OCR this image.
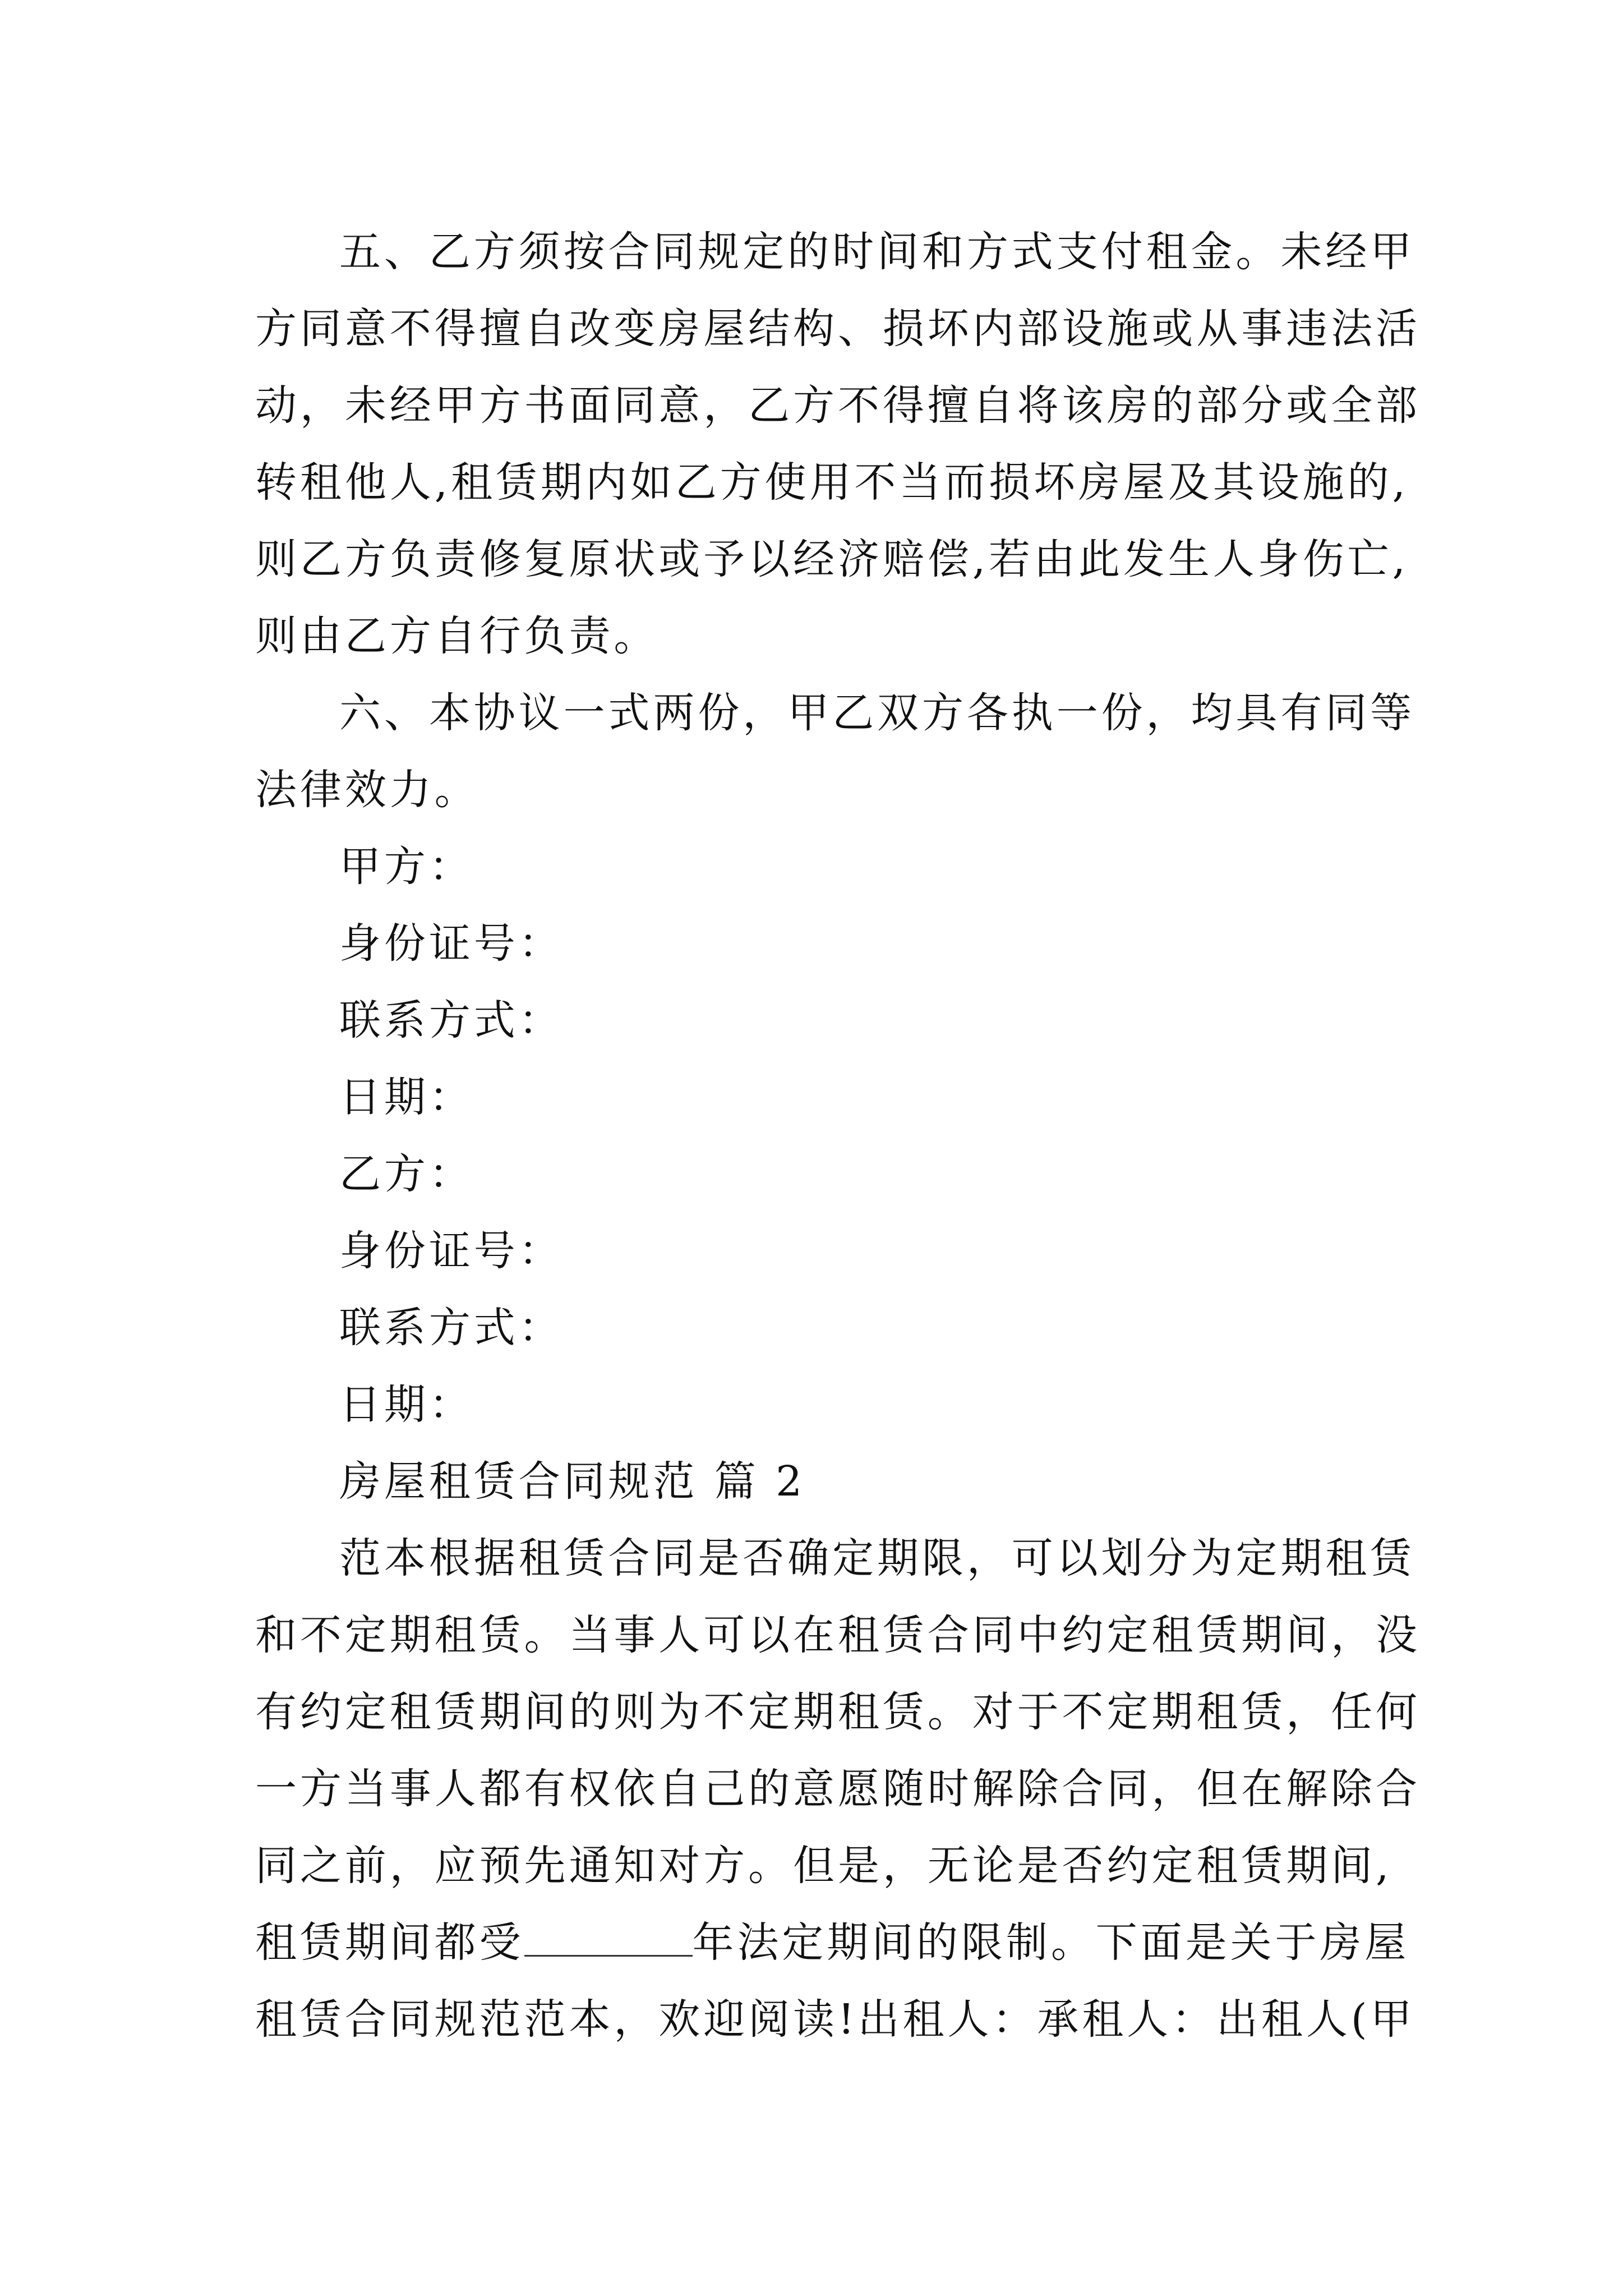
五、乙方须按合同规定的时间和方式支付租金。未经甲
方同意不得擅自改变房屋结构、损坏内部设施或从事违法活
动，未经甲方书面同意，乙方不得擅自将该房的部分或全部
转租他人,租赁期内如乙方使用不当而损坏房屋及其设施的,
则乙方负责修复原状或予以经济赔偿,若由此发生人身伤亡,
则由乙方自行负责。
六、本协议一式两份，甲乙双方各执一份，均具有同等
法律效力。
甲方：
身份证号：
联系方式：
日期：
乙方：
身份证号：
联系方式：
日期：
房屋租赁合同规范 篇 2
范本根据租赁合同是否确定期限，可以划分为定期租赁
和不定期租赁。当事人可以在租赁合同中约定租赁期间，没
有约定租赁期间的则为不定期租赁。对于不定期租赁，任何
一方当事人都有权依自己的意愿随时解除合同，但在解除合
同之前，应预先通知对方。但是，无论是否约定租赁期间,
租赁期间都受	年法定期间的限制。下面是关于房屋
租赁合同规范范本，欢迎阅读!出租人：承租人：出租人(甲
